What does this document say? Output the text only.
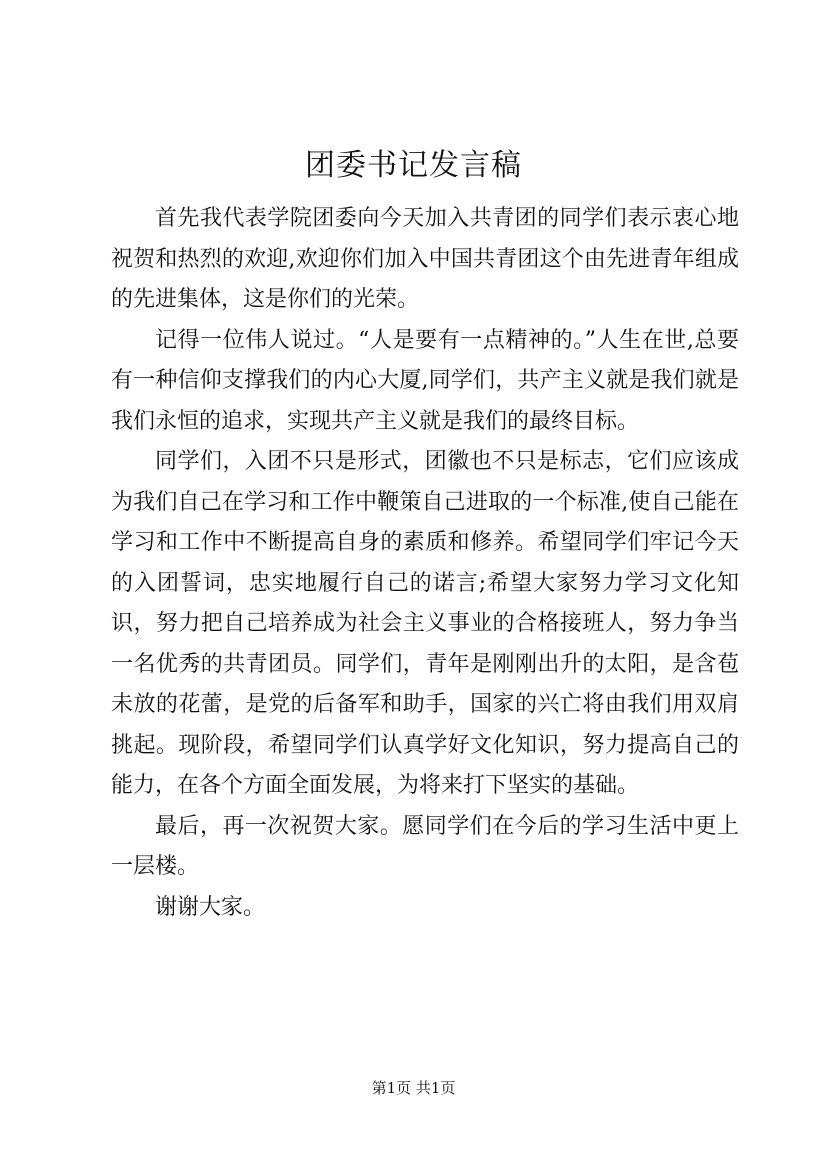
团委书记发言稿

首先我代表学院团委向今天加入共青团的同学们表示衷心地祝贺和热烈的欢迎,欢迎你们加入中国共青团这个由先进青年组成的先进集体，这是你们的光荣。

记得一位伟人说过。“人是要有一点精神的。”人生在世,总要有一种信仰支撑我们的内心大厦,同学们，共产主义就是我们就是我们永恒的追求，实现共产主义就是我们的最终目标。

同学们，入团不只是形式，团徽也不只是标志，它们应该成为我们自己在学习和工作中鞭策自己进取的一个标准,使自己能在学习和工作中不断提高自身的素质和修养。希望同学们牢记今天的入团誓词，忠实地履行自己的诺言;希望大家努力学习文化知识，努力把自己培养成为社会主义事业的合格接班人，努力争当一名优秀的共青团员。同学们，青年是刚刚出升的太阳，是含苞未放的花蕾，是党的后备军和助手，国家的兴亡将由我们用双肩挑起。现阶段，希望同学们认真学好文化知识，努力提高自己的能力，在各个方面全面发展，为将来打下坚实的基础。

最后，再一次祝贺大家。愿同学们在今后的学习生活中更上一层楼。

谢谢大家。

第1页 共1页
